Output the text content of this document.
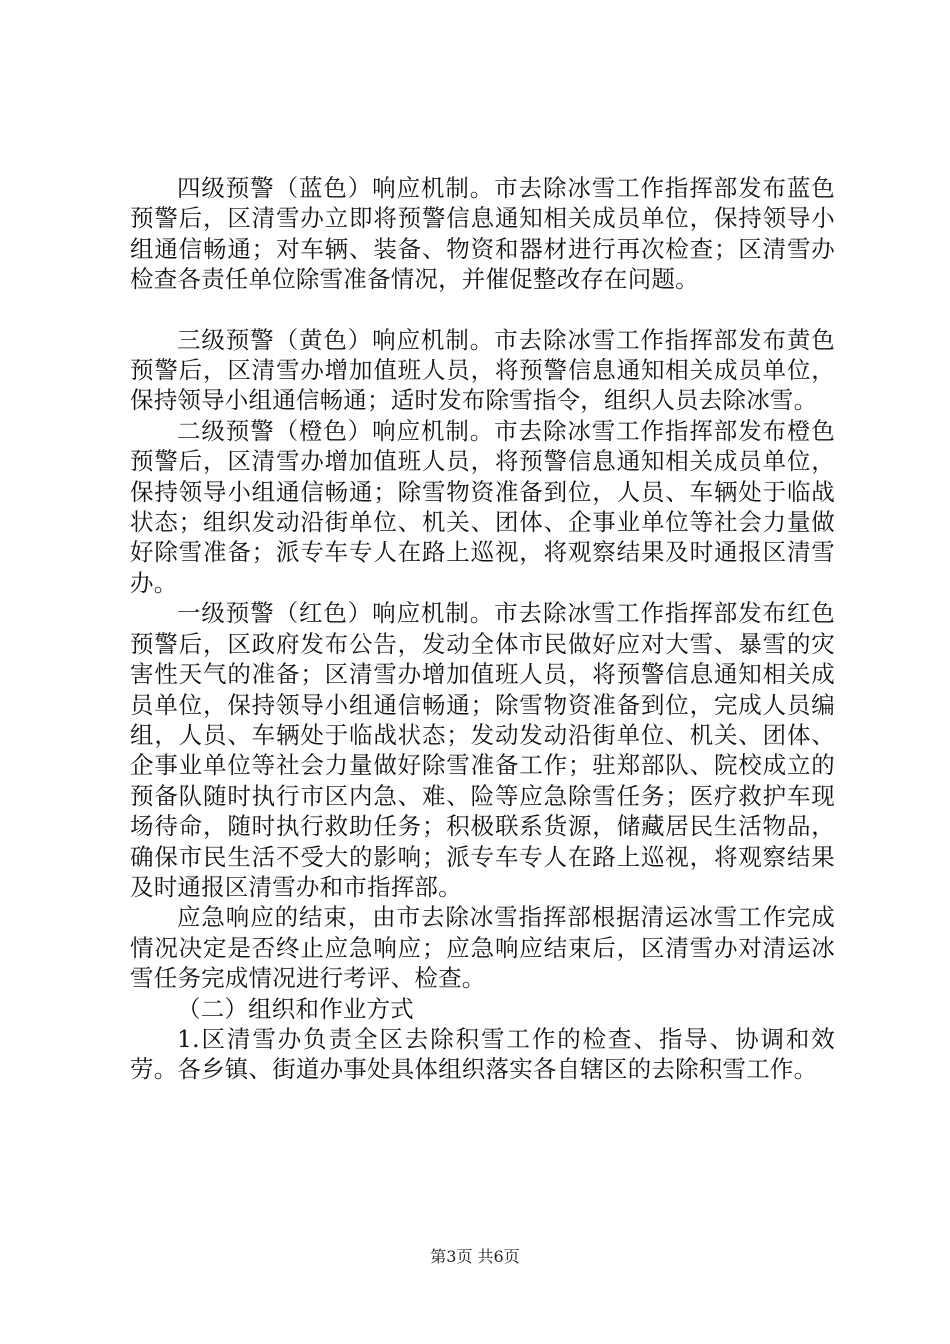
四级预警（蓝色）响应机制。市去除冰雪工作指挥部发布蓝色预警后，区清雪办立即将预警信息通知相关成员单位，保持领导小组通信畅通；对车辆、装备、物资和器材进行再次检查；区清雪办检查各责任单位除雪准备情况，并催促整改存在问题。

三级预警（黄色）响应机制。市去除冰雪工作指挥部发布黄色预警后，区清雪办增加值班人员，将预警信息通知相关成员单位，保持领导小组通信畅通；适时发布除雪指令，组织人员去除冰雪。

二级预警（橙色）响应机制。市去除冰雪工作指挥部发布橙色预警后，区清雪办增加值班人员，将预警信息通知相关成员单位，保持领导小组通信畅通；除雪物资准备到位，人员、车辆处于临战状态；组织发动沿街单位、机关、团体、企事业单位等社会力量做好除雪准备；派专车专人在路上巡视，将观察结果及时通报区清雪办。

一级预警（红色）响应机制。市去除冰雪工作指挥部发布红色预警后，区政府发布公告，发动全体市民做好应对大雪、暴雪的灾害性天气的准备；区清雪办增加值班人员，将预警信息通知相关成员单位，保持领导小组通信畅通；除雪物资准备到位，完成人员编组，人员、车辆处于临战状态；发动发动沿街单位、机关、团体、企事业单位等社会力量做好除雪准备工作；驻郑部队、院校成立的预备队随时执行市区内急、难、险等应急除雪任务；医疗救护车现场待命，随时执行救助任务；积极联系货源，储藏居民生活物品，确保市民生活不受大的影响；派专车专人在路上巡视，将观察结果及时通报区清雪办和市指挥部。

应急响应的结束，由市去除冰雪指挥部根据清运冰雪工作完成情况决定是否终止应急响应；应急响应结束后，区清雪办对清运冰雪任务完成情况进行考评、检查。

（二）组织和作业方式

1.区清雪办负责全区去除积雪工作的检查、指导、协调和效劳。各乡镇、街道办事处具体组织落实各自辖区的去除积雪工作。

第3页 共6页
